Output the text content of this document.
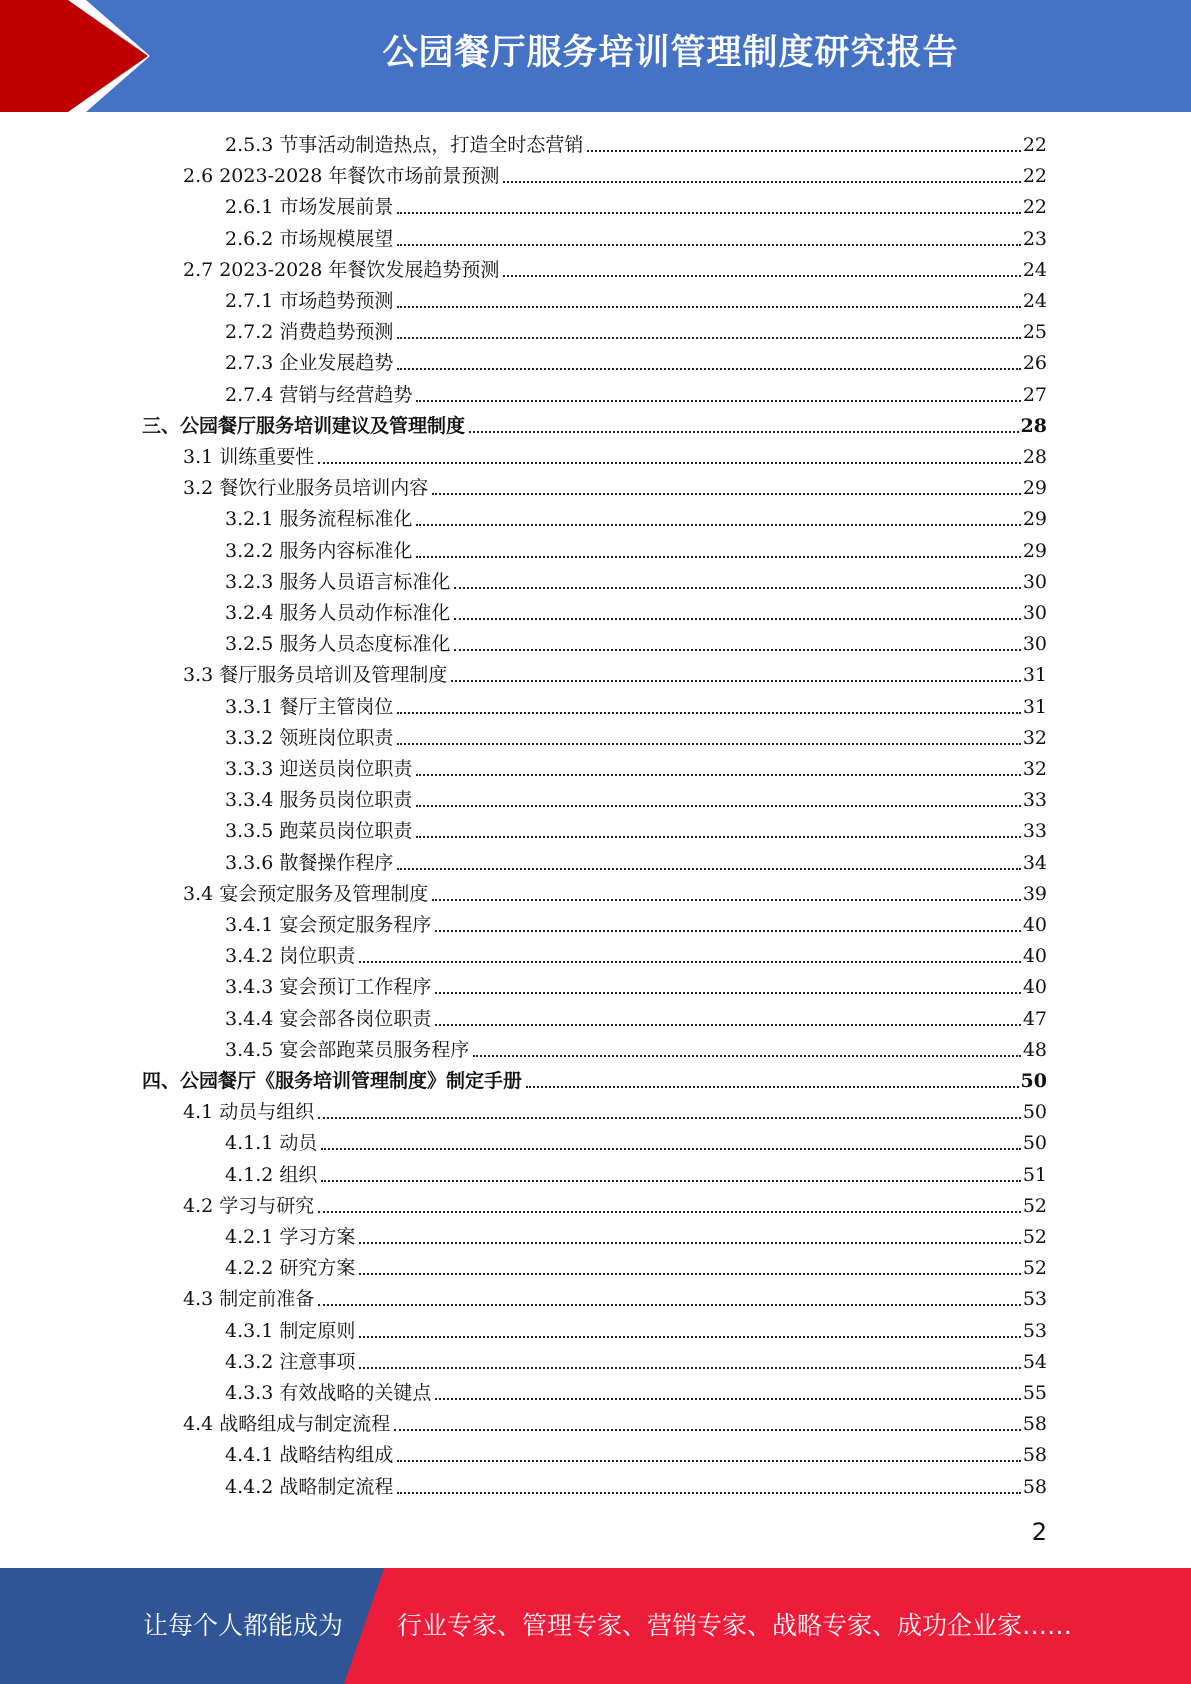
公园餐厅服务培训管理制度研究报告
2.5.3 节事活动制造热点，打造全时态营销	22
2.6 2023-2028 年餐饮市场前景预测	22
2.6.1 市场发展前景	22
2.6.2 市场规模展望	23
2.7 2023-2028 年餐饮发展趋势预测	24
2.7.1 市场趋势预测	24
2.7.2 消费趋势预测	25
2.7.3 企业发展趋势	26
2.7.4 营销与经营趋势	27
三、公园餐厅服务培训建议及管理制度	28
3.1 训练重要性	28
3.2 餐饮行业服务员培训内容	29
3.2.1 服务流程标准化	29
3.2.2 服务内容标准化	29
3.2.3 服务人员语言标准化	30
3.2.4 服务人员动作标准化	30
3.2.5 服务人员态度标准化	30
3.3 餐厅服务员培训及管理制度	31
3.3.1 餐厅主管岗位	31
3.3.2 领班岗位职责	32
3.3.3 迎送员岗位职责	32
3.3.4 服务员岗位职责	33
3.3.5 跑菜员岗位职责	33
3.3.6 散餐操作程序	34
3.4 宴会预定服务及管理制度	39
3.4.1 宴会预定服务程序	40
3.4.2 岗位职责	40
3.4.3 宴会预订工作程序	40
3.4.4 宴会部各岗位职责	47
3.4.5 宴会部跑菜员服务程序	48
四、公园餐厅《服务培训管理制度》制定手册	50
4.1 动员与组织	50
4.1.1 动员	50
4.1.2 组织	51
4.2 学习与研究	52
4.2.1 学习方案	52
4.2.2 研究方案	52
4.3 制定前准备	53
4.3.1 制定原则	53
4.3.2 注意事项	54
4.3.3 有效战略的关键点	55
4.4 战略组成与制定流程	58
4.4.1 战略结构组成	58
4.4.2 战略制定流程	58
2
让每个人都能成为 行业专家、管理专家、营销专家、战略专家、成功企业家……
